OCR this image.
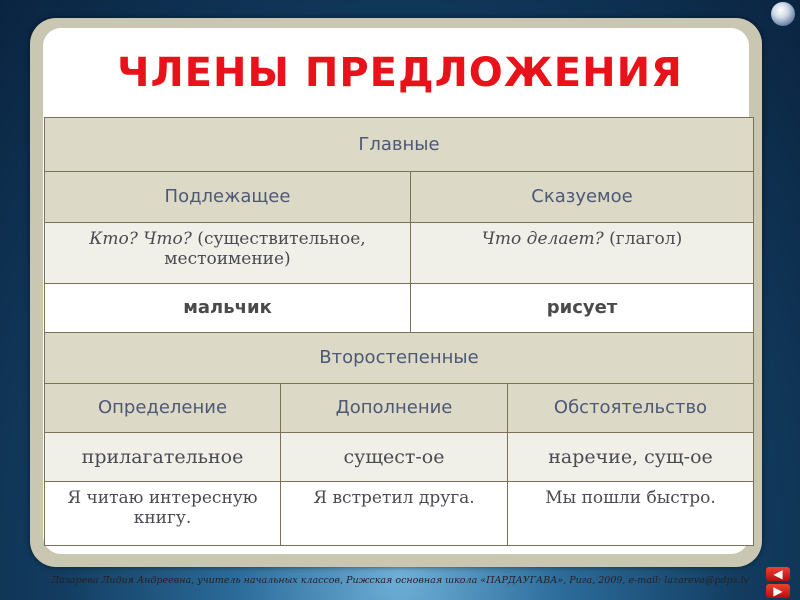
ЧЛЕНЫ ПРЕДЛОЖЕНИЯ
Главные			
Подлежащее		Сказуемое	
Кто? Что? (существительное, местоимение)		Что делает? (глагол)	
мальчик		рисует	
Второстепенные			
Определение	Дополнение		Обстоятельство
прилагательное	сущест-ое		наречие, сущ-ое
Я читаю интересную книгу.	Я встретил друга.		Мы пошли быстро.
Лазарева Лидия Андреевна, учитель начальных классов, Рижская основная школа «ПАРДАУГАВА», Рига, 2009, e-mail: lazareva@pdps.lv	◀
▶
